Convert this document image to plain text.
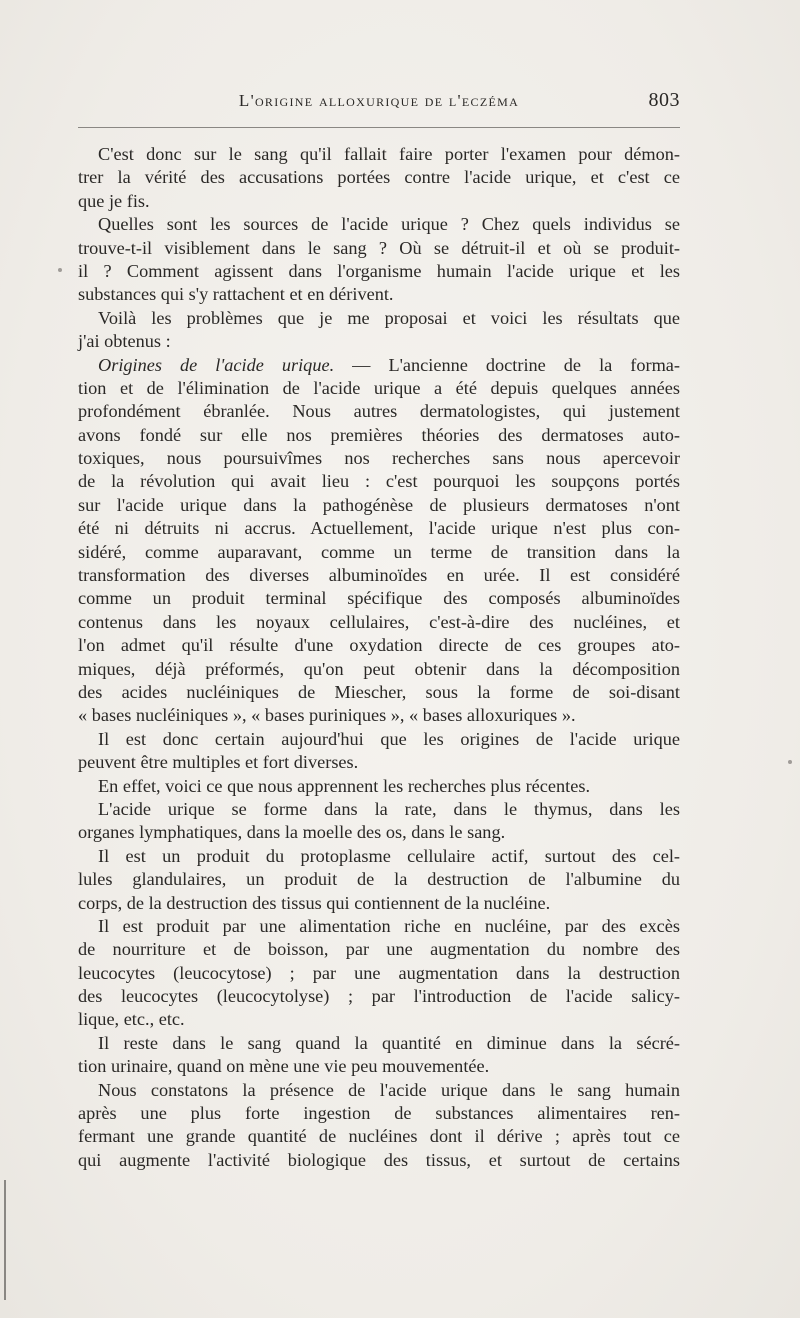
L'origine alloxurique de l'eczéma	803
C'est donc sur le sang qu'il fallait faire porter l'examen pour démon-
trer la vérité des accusations portées contre l'acide urique, et c'est ce
que je fis.
Quelles sont les sources de l'acide urique ? Chez quels individus se
trouve-t-il visiblement dans le sang ? Où se détruit-il et où se produit-
il ? Comment agissent dans l'organisme humain l'acide urique et les
substances qui s'y rattachent et en dérivent.
Voilà les problèmes que je me proposai et voici les résultats que
j'ai obtenus :
Origines de l'acide urique. — L'ancienne doctrine de la forma-
tion et de l'élimination de l'acide urique a été depuis quelques années
profondément ébranlée. Nous autres dermatologistes, qui justement
avons fondé sur elle nos premières théories des dermatoses auto-
toxiques, nous poursuivîmes nos recherches sans nous apercevoir
de la révolution qui avait lieu : c'est pourquoi les soupçons portés
sur l'acide urique dans la pathogénèse de plusieurs dermatoses n'ont
été ni détruits ni accrus. Actuellement, l'acide urique n'est plus con-
sidéré, comme auparavant, comme un terme de transition dans la
transformation des diverses albuminoïdes en urée. Il est considéré
comme un produit terminal spécifique des composés albuminoïdes
contenus dans les noyaux cellulaires, c'est-à-dire des nucléines, et
l'on admet qu'il résulte d'une oxydation directe de ces groupes ato-
miques, déjà préformés, qu'on peut obtenir dans la décomposition
des acides nucléiniques de Miescher, sous la forme de soi-disant
« bases nucléiniques », « bases puriniques », « bases alloxuriques ».
Il est donc certain aujourd'hui que les origines de l'acide urique
peuvent être multiples et fort diverses.
En effet, voici ce que nous apprennent les recherches plus récentes.
L'acide urique se forme dans la rate, dans le thymus, dans les
organes lymphatiques, dans la moelle des os, dans le sang.
Il est un produit du protoplasme cellulaire actif, surtout des cel-
lules glandulaires, un produit de la destruction de l'albumine du
corps, de la destruction des tissus qui contiennent de la nucléine.
Il est produit par une alimentation riche en nucléine, par des excès
de nourriture et de boisson, par une augmentation du nombre des
leucocytes (leucocytose) ; par une augmentation dans la destruction
des leucocytes (leucocytolyse) ; par l'introduction de l'acide salicy-
lique, etc., etc.
Il reste dans le sang quand la quantité en diminue dans la sécré-
tion urinaire, quand on mène une vie peu mouvementée.
Nous constatons la présence de l'acide urique dans le sang humain
après une plus forte ingestion de substances alimentaires ren-
fermant une grande quantité de nucléines dont il dérive ; après tout ce
qui augmente l'activité biologique des tissus, et surtout de certains
